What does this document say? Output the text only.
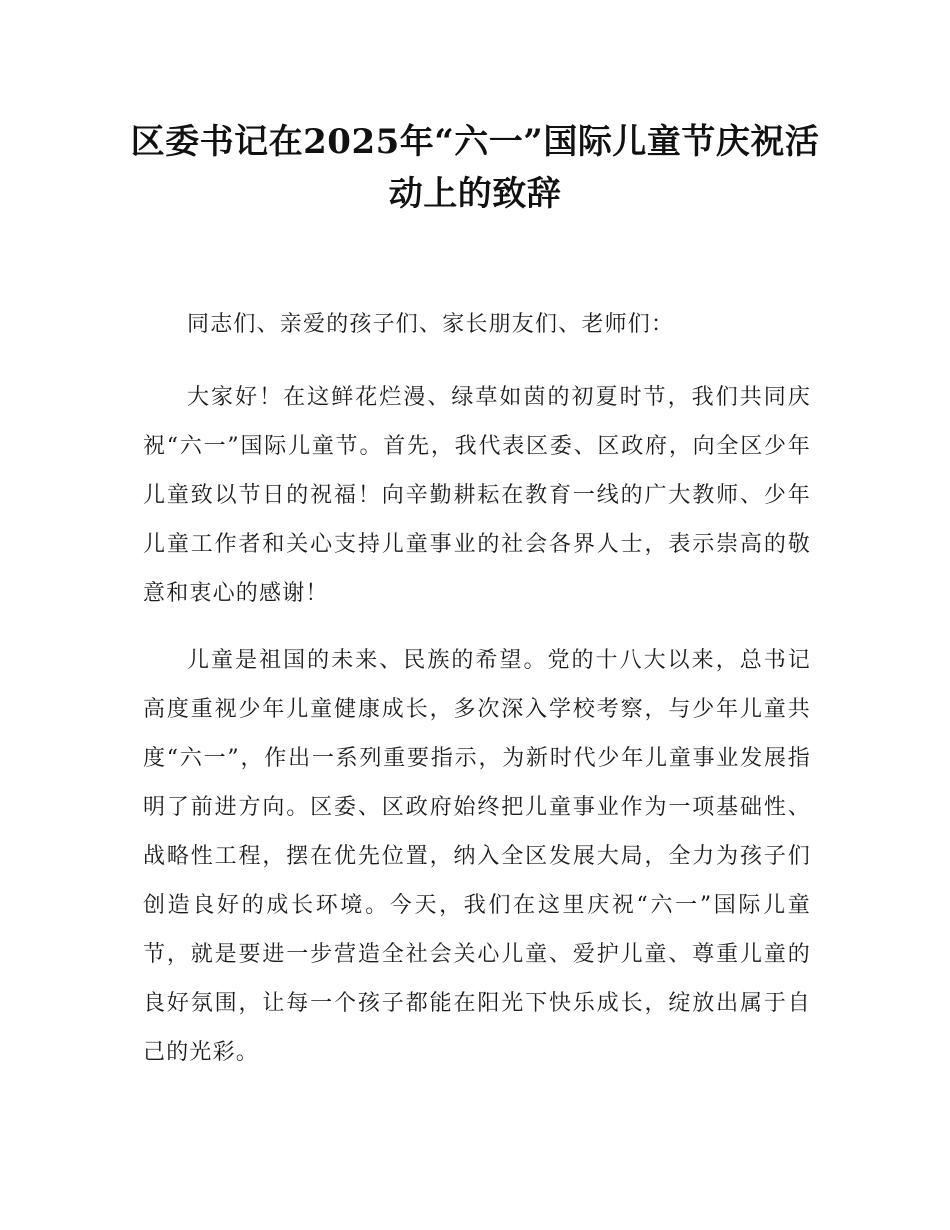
区委书记在2025年“六一”国际儿童节庆祝活动上的致辞

同志们、亲爱的孩子们、家长朋友们、老师们：

大家好！在这鲜花烂漫、绿草如茵的初夏时节，我们共同庆祝“六一”国际儿童节。首先，我代表区委、区政府，向全区少年儿童致以节日的祝福！向辛勤耕耘在教育一线的广大教师、少年儿童工作者和关心支持儿童事业的社会各界人士，表示崇高的敬意和衷心的感谢！

儿童是祖国的未来、民族的希望。党的十八大以来，总书记高度重视少年儿童健康成长，多次深入学校考察，与少年儿童共度“六一”，作出一系列重要指示，为新时代少年儿童事业发展指明了前进方向。区委、区政府始终把儿童事业作为一项基础性、战略性工程，摆在优先位置，纳入全区发展大局，全力为孩子们创造良好的成长环境。今天，我们在这里庆祝“六一”国际儿童节，就是要进一步营造全社会关心儿童、爱护儿童、尊重儿童的良好氛围，让每一个孩子都能在阳光下快乐成长，绽放出属于自己的光彩。
